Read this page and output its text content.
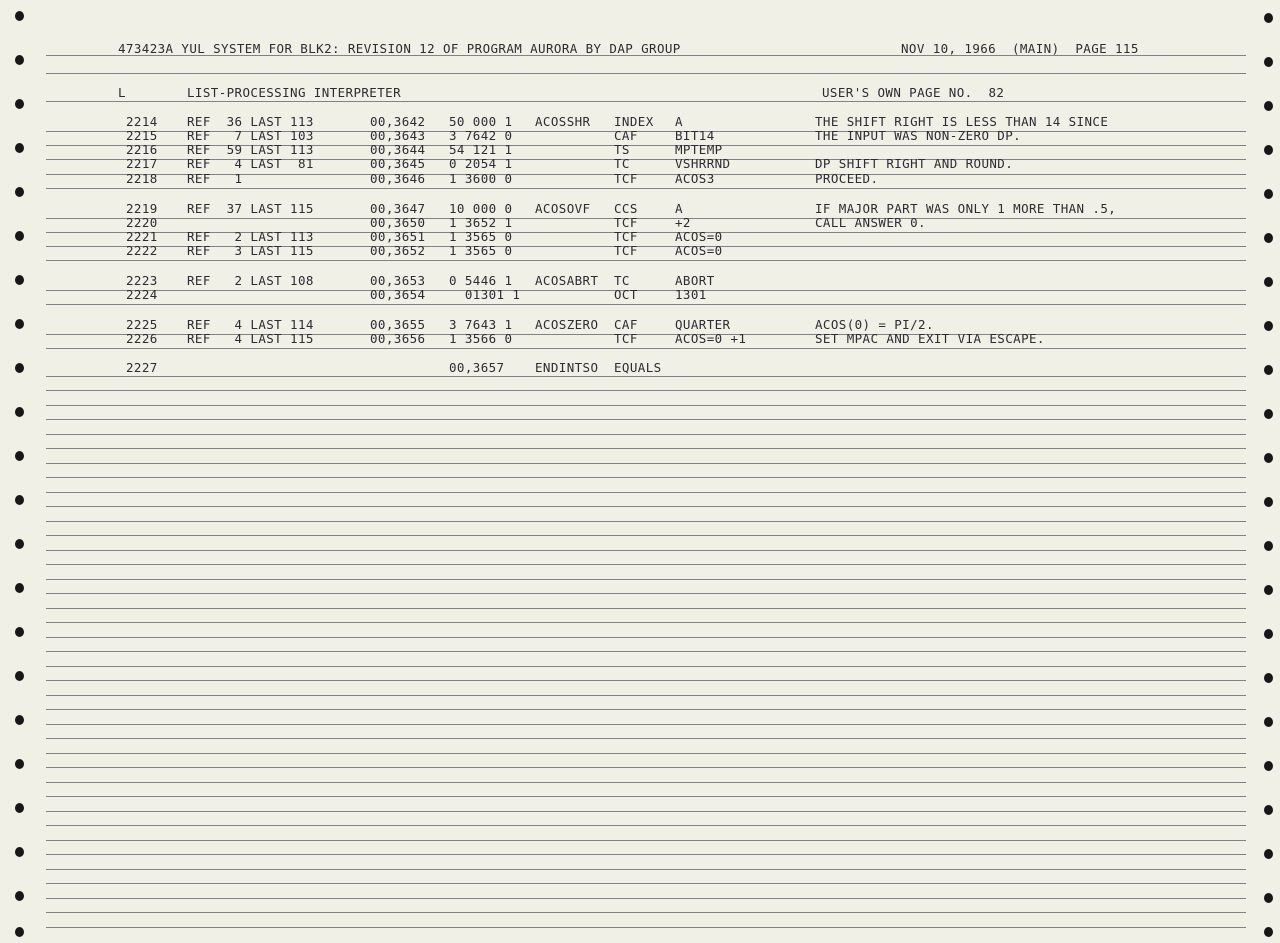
473423A YUL SYSTEM FOR BLK2: REVISION 12 OF PROGRAM AURORA BY DAP GROUP	NOV 10, 1966  (MAIN)  PAGE 115
L	LIST-PROCESSING INTERPRETER	USER'S OWN PAGE NO.  82
2214 REF  36 LAST 113	00,3642 50 000 1 ACOSSHR INDEX A	THE SHIFT RIGHT IS LESS THAN 14 SINCE
2215 REF   7 LAST 103	00,3643 3 7642 0	CAF	BIT14	THE INPUT WAS NON-ZERO DP.
2216 REF  59 LAST 113	00,3644 54 121 1	TS	MPTEMP
2217 REF   4 LAST  81	00,3645 0 2054 1	TC	VSHRRND	DP SHIFT RIGHT AND ROUND.
2218 REF   1	00,3646 1 3600 0	TCF	ACOS3	PROCEED.
2219 REF  37 LAST 115	00,3647 10 000 0 ACOSOVF CCS	A	IF MAJOR PART WAS ONLY 1 MORE THAN .5,
2220	00,3650 1 3652 1	TCF	+2	CALL ANSWER 0.
2221 REF   2 LAST 113	00,3651 1 3565 0	TCF	ACOS=0
2222 REF   3 LAST 115	00,3652 1 3565 0	TCF	ACOS=0
2223 REF   2 LAST 108	00,3653 0 5446 1 ACOSABRT TC	ABORT
2224	00,3654 01301 1	OCT	1301
2225 REF   4 LAST 114	00,3655 3 7643 1 ACOSZERO CAF	QUARTER	ACOS(0) = PI/2.
2226 REF   4 LAST 115	00,3656 1 3566 0	TCF	ACOS=0 +1	SET MPAC AND EXIT VIA ESCAPE.
2227	00,3657 ENDINTSO EQUALS
